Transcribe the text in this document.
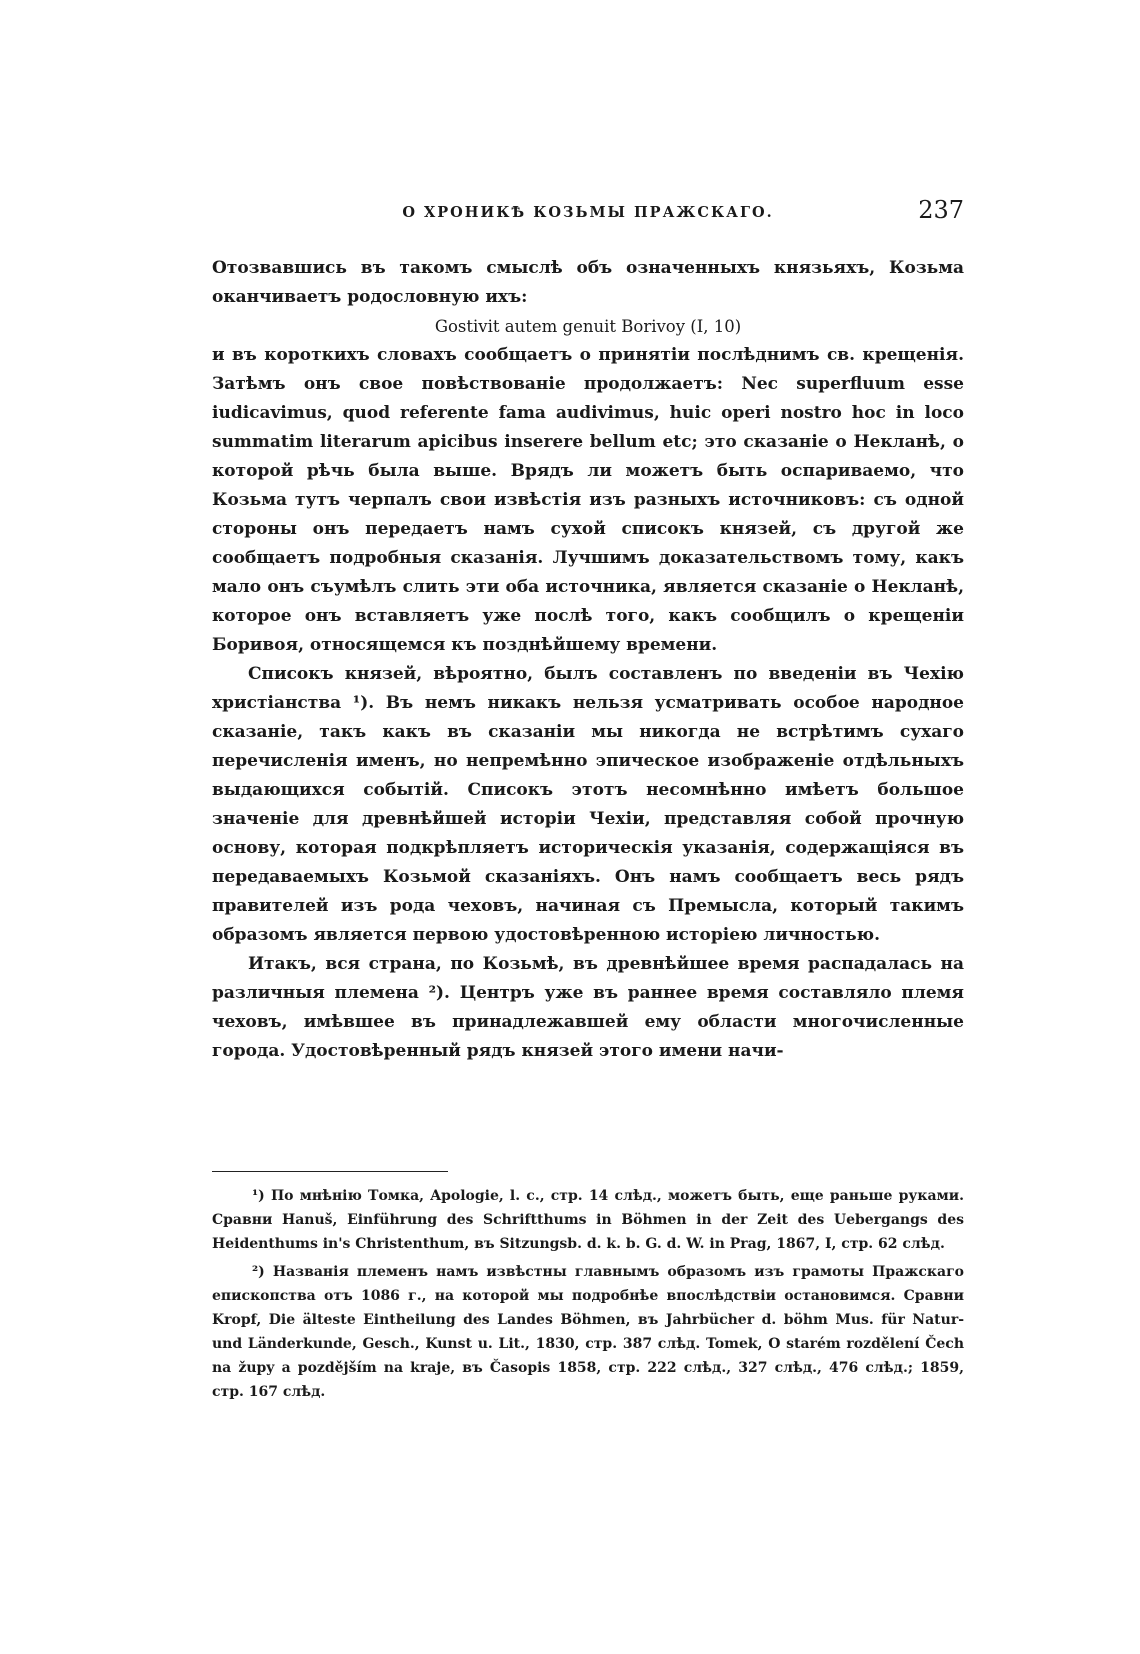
О ХРОНИКѢ КОЗЬМЫ ПРАЖСКАГО.	237

Отозвавшись въ такомъ смыслѣ объ означенныхъ князьяхъ, Козьма оканчиваетъ родословную ихъ:

Gostivit autem genuit Borivoy (I, 10)

и въ короткихъ словахъ сообщаетъ о принятіи послѣднимъ св. крещенія. Затѣмъ онъ свое повѣствованіе продолжаетъ: Nec superfluum esse iudicavimus, quod referente fama audivimus, huic operi nostro hoc in loco summatim literarum apicibus inserere bellum etc; это сказаніе о Некланѣ, о которой рѣчь была выше. Врядъ ли можетъ быть оспариваемо, что Козьма тутъ черпалъ свои извѣстія изъ разныхъ источниковъ: съ одной стороны онъ передаетъ намъ сухой списокъ князей, съ другой же сообщаетъ подробныя сказанія. Лучшимъ доказательствомъ тому, какъ мало онъ съумѣлъ слить эти оба источника, является сказаніе о Некланѣ, которое онъ вставляетъ уже послѣ того, какъ сообщилъ о крещеніи Боривоя, относящемся къ позднѣйшему времени.

Списокъ князей, вѣроятно, былъ составленъ по введеніи въ Чехію христіанства ¹). Въ немъ никакъ нельзя усматривать особое народное сказаніе, такъ какъ въ сказаніи мы никогда не встрѣтимъ сухаго перечисленія именъ, но непремѣнно эпическое изображеніе отдѣльныхъ выдающихся событій. Списокъ этотъ несомнѣнно имѣетъ большое значеніе для древнѣйшей исторіи Чехіи, представляя собой прочную основу, которая подкрѣпляетъ историческія указанія, содержащіяся въ передаваемыхъ Козьмой сказаніяхъ. Онъ намъ сообщаетъ весь рядъ правителей изъ рода чеховъ, начиная съ Премысла, который такимъ образомъ является первою удостовѣренною исторіею личностью.

Итакъ, вся страна, по Козьмѣ, въ древнѣйшее время распадалась на различныя племена ²). Центръ уже въ раннее время составляло племя чеховъ, имѣвшее въ принадлежавшей ему области многочисленные города. Удостовѣренный рядъ князей этого имени начи-

¹) По мнѣнію Томка, Apologie, l. c., стр. 14 слѣд., можетъ быть, еще раньше руками. Сравни Hanuš, Einführung des Schriftthums in Böhmen in der Zeit des Uebergangs des Heidenthums in's Christenthum, въ Sitzungsb. d. k. b. G. d. W. in Prag, 1867, I, стр. 62 слѣд.

²) Названія племенъ намъ извѣстны главнымъ образомъ изъ грамоты Пражскаго епископства отъ 1086 г., на которой мы подробнѣе впослѣдствіи остановимся. Сравни Kropf, Die älteste Eintheilung des Landes Böhmen, въ Jahrbücher d. böhm Mus. für Natur- und Länderkunde, Gesch., Kunst u. Lit., 1830, стр. 387 слѣд. Tomek, O starém rozdělení Čech na župy a pozdějším na kraje, въ Časopis 1858, стр. 222 слѣд., 327 слѣд., 476 слѣд.; 1859, стр. 167 слѣд.
